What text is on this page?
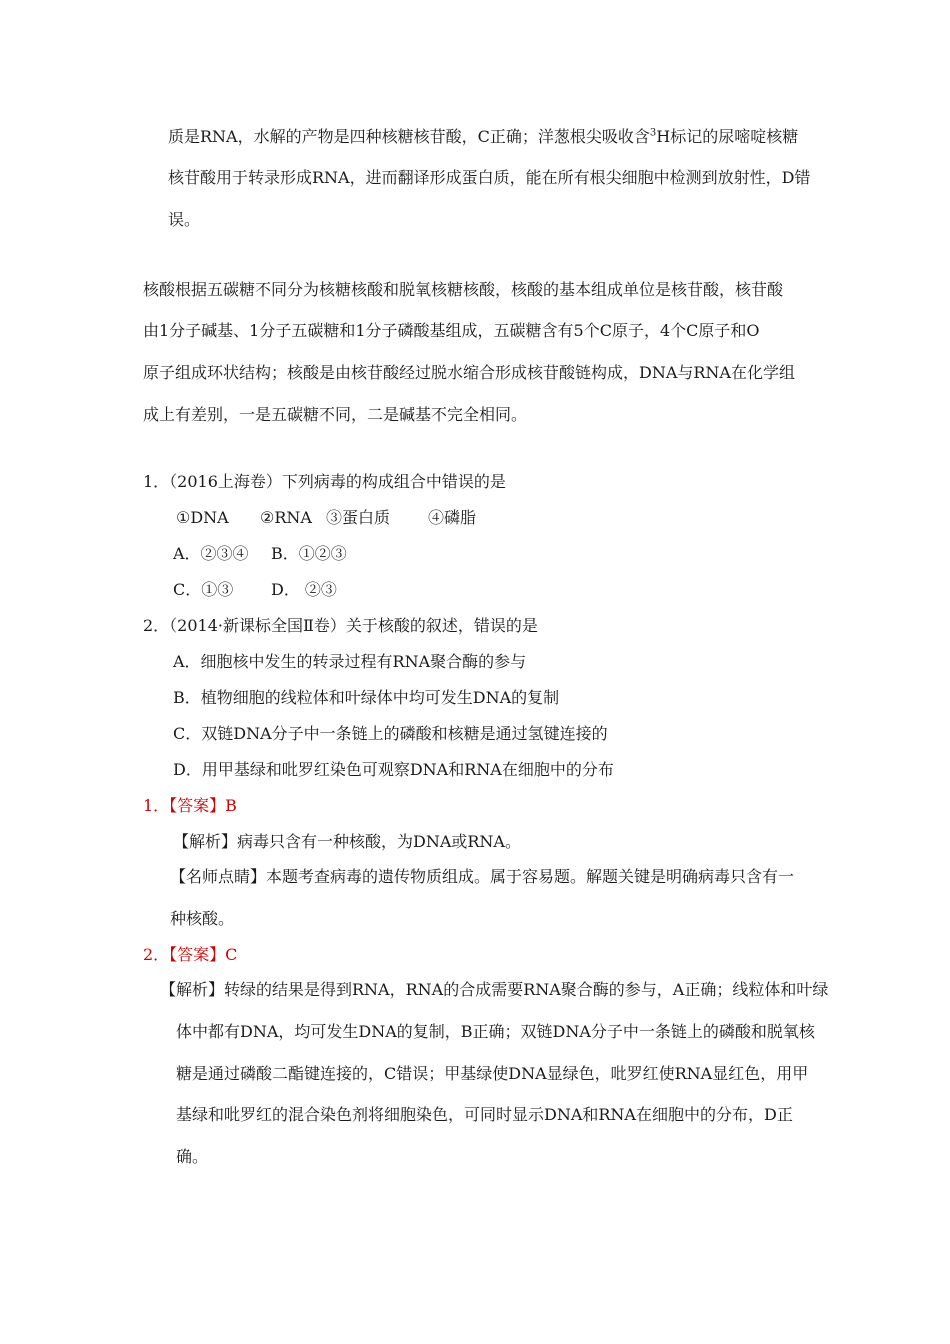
质是RNA，水解的产物是四种核糖核苷酸，C正确；洋葱根尖吸收含$^3$H标记的尿嘧啶核糖
核苷酸用于转录形成RNA，进而翻译形成蛋白质，能在所有根尖细胞中检测到放射性，D错
误。
核酸根据五碳糖不同分为核糖核酸和脱氧核糖核酸，核酸的基本组成单位是核苷酸，核苷酸
由1分子碱基、1分子五碳糖和1分子磷酸基组成，五碳糖含有5个C原子，4个C原子和O
原子组成环状结构；核酸是由核苷酸经过脱水缩合形成核苷酸链构成，DNA与RNA在化学组
成上有差别，一是五碳糖不同，二是碱基不完全相同。
1．（2016上海卷）下列病毒的构成组合中错误的是
①DNA ②RNA ③蛋白质 ④磷脂
A．②③④ B．①②③
C．①③ D． ②③
2．（2014·新课标全国Ⅱ卷）关于核酸的叙述，错误的是
A．细胞核中发生的转录过程有RNA聚合酶的参与
B．植物细胞的线粒体和叶绿体中均可发生DNA的复制
C．双链DNA分子中一条链上的磷酸和核糖是通过氢键连接的
D．用甲基绿和吡罗红染色可观察DNA和RNA在细胞中的分布
1．【答案】B
【解析】病毒只含有一种核酸，为DNA或RNA。
【名师点睛】本题考查病毒的遗传物质组成。属于容易题。解题关键是明确病毒只含有一
种核酸。
2．【答案】C
【解析】转绿的结果是得到RNA，RNA的合成需要RNA聚合酶的参与，A正确；线粒体和叶绿
体中都有DNA，均可发生DNA的复制，B正确；双链DNA分子中一条链上的磷酸和脱氧核
糖是通过磷酸二酯键连接的，C错误；甲基绿使DNA显绿色，吡罗红使RNA显红色，用甲
基绿和吡罗红的混合染色剂将细胞染色，可同时显示DNA和RNA在细胞中的分布，D正
确。
